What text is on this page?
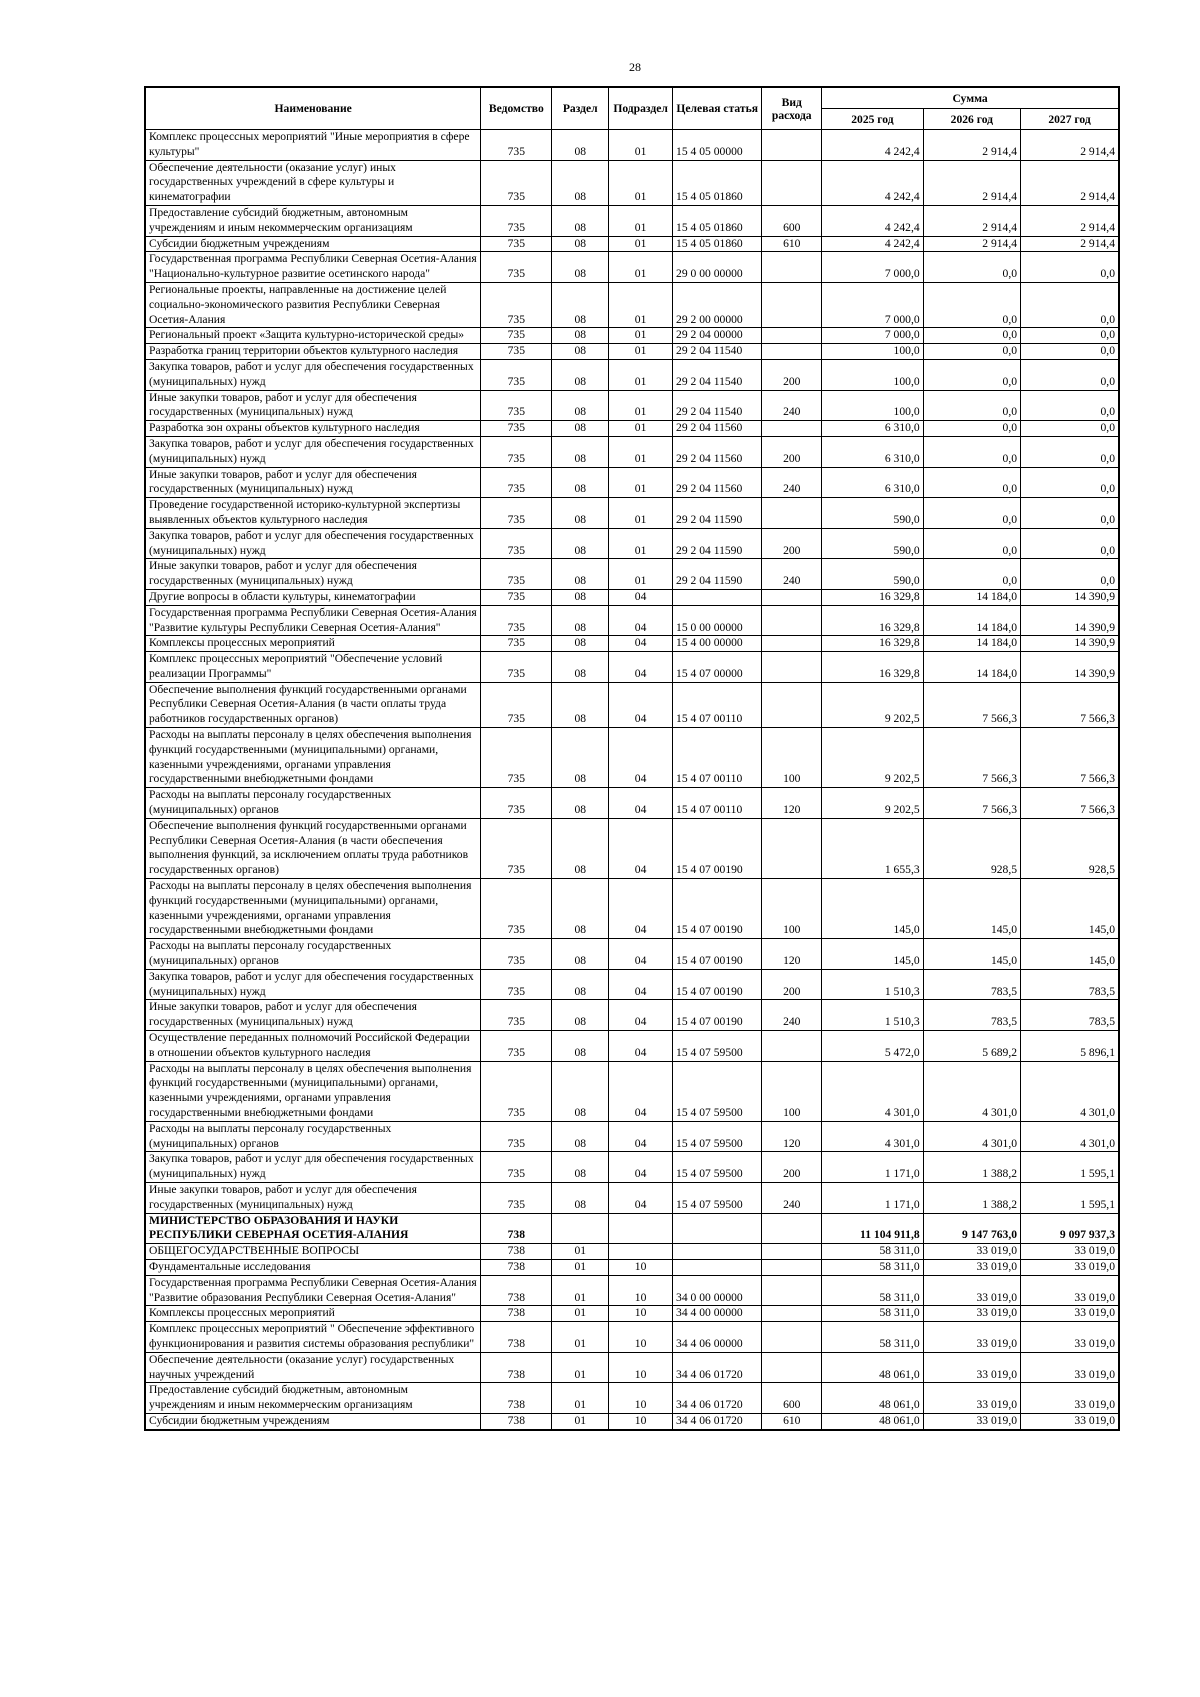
28
Наименование	Ведомство	Раздел	Подраздел	Целевая статья	Вид расхода	Сумма		
						2025 год	2026 год	2027 год
Комплекс процессных мероприятий "Иные мероприятия в сфере культуры"	735	08	01	15 4 05 00000		4 242,4	2 914,4	2 914,4
Обеспечение деятельности (оказание услуг) иных государственных учреждений в сфере культуры и кинематографии	735	08	01	15 4 05 01860		4 242,4	2 914,4	2 914,4
Предоставление субсидий бюджетным, автономным учреждениям и иным некоммерческим организациям	735	08	01	15 4 05 01860	600	4 242,4	2 914,4	2 914,4
Субсидии бюджетным учреждениям	735	08	01	15 4 05 01860	610	4 242,4	2 914,4	2 914,4
Государственная программа Республики Северная Осетия-Алания "Национально-культурное развитие осетинского народа"	735	08	01	29 0 00 00000		7 000,0	0,0	0,0
Региональные проекты, направленные на достижение целей социально-экономического развития Республики Северная Осетия-Алания	735	08	01	29 2 00 00000		7 000,0	0,0	0,0
Региональный проект «Защита культурно-исторической среды»	735	08	01	29 2 04 00000		7 000,0	0,0	0,0
Разработка границ территории объектов культурного наследия	735	08	01	29 2 04 11540		100,0	0,0	0,0
Закупка товаров, работ и услуг для обеспечения государственных (муниципальных) нужд	735	08	01	29 2 04 11540	200	100,0	0,0	0,0
Иные закупки товаров, работ и услуг для обеспечения государственных (муниципальных) нужд	735	08	01	29 2 04 11540	240	100,0	0,0	0,0
Разработка зон охраны объектов культурного наследия	735	08	01	29 2 04 11560		6 310,0	0,0	0,0
Закупка товаров, работ и услуг для обеспечения государственных (муниципальных) нужд	735	08	01	29 2 04 11560	200	6 310,0	0,0	0,0
Иные закупки товаров, работ и услуг для обеспечения государственных (муниципальных) нужд	735	08	01	29 2 04 11560	240	6 310,0	0,0	0,0
Проведение государственной историко-культурной экспертизы выявленных объектов культурного наследия	735	08	01	29 2 04 11590		590,0	0,0	0,0
Закупка товаров, работ и услуг для обеспечения государственных (муниципальных) нужд	735	08	01	29 2 04 11590	200	590,0	0,0	0,0
Иные закупки товаров, работ и услуг для обеспечения государственных (муниципальных) нужд	735	08	01	29 2 04 11590	240	590,0	0,0	0,0
Другие вопросы в области культуры, кинематографии	735	08	04			16 329,8	14 184,0	14 390,9
Государственная программа Республики Северная Осетия-Алания "Развитие культуры Республики Северная Осетия-Алания"	735	08	04	15 0 00 00000		16 329,8	14 184,0	14 390,9
Комплексы процессных мероприятий	735	08	04	15 4 00 00000		16 329,8	14 184,0	14 390,9
Комплекс процессных мероприятий "Обеспечение условий реализации Программы"	735	08	04	15 4 07 00000		16 329,8	14 184,0	14 390,9
Обеспечение выполнения функций государственными органами Республики Северная Осетия-Алания (в части оплаты труда работников государственных органов)	735	08	04	15 4 07 00110		9 202,5	7 566,3	7 566,3
Расходы на выплаты персоналу в целях обеспечения выполнения функций государственными (муниципальными) органами, казенными учреждениями, органами управления государственными внебюджетными фондами	735	08	04	15 4 07 00110	100	9 202,5	7 566,3	7 566,3
Расходы на выплаты персоналу государственных (муниципальных) органов	735	08	04	15 4 07 00110	120	9 202,5	7 566,3	7 566,3
Обеспечение выполнения функций государственными органами Республики Северная Осетия-Алания (в части обеспечения выполнения функций, за исключением оплаты труда работников государственных органов)	735	08	04	15 4 07 00190		1 655,3	928,5	928,5
Расходы на выплаты персоналу в целях обеспечения выполнения функций государственными (муниципальными) органами, казенными учреждениями, органами управления государственными внебюджетными фондами	735	08	04	15 4 07 00190	100	145,0	145,0	145,0
Расходы на выплаты персоналу государственных (муниципальных) органов	735	08	04	15 4 07 00190	120	145,0	145,0	145,0
Закупка товаров, работ и услуг для обеспечения государственных (муниципальных) нужд	735	08	04	15 4 07 00190	200	1 510,3	783,5	783,5
Иные закупки товаров, работ и услуг для обеспечения государственных (муниципальных) нужд	735	08	04	15 4 07 00190	240	1 510,3	783,5	783,5
Осуществление переданных полномочий Российской Федерации в отношении объектов культурного наследия	735	08	04	15 4 07 59500		5 472,0	5 689,2	5 896,1
Расходы на выплаты персоналу в целях обеспечения выполнения функций государственными (муниципальными) органами, казенными учреждениями, органами управления государственными внебюджетными фондами	735	08	04	15 4 07 59500	100	4 301,0	4 301,0	4 301,0
Расходы на выплаты персоналу государственных (муниципальных) органов	735	08	04	15 4 07 59500	120	4 301,0	4 301,0	4 301,0
Закупка товаров, работ и услуг для обеспечения государственных (муниципальных) нужд	735	08	04	15 4 07 59500	200	1 171,0	1 388,2	1 595,1
Иные закупки товаров, работ и услуг для обеспечения государственных (муниципальных) нужд	735	08	04	15 4 07 59500	240	1 171,0	1 388,2	1 595,1
МИНИСТЕРСТВО ОБРАЗОВАНИЯ И НАУКИ РЕСПУБЛИКИ СЕВЕРНАЯ ОСЕТИЯ-АЛАНИЯ	738					11 104 911,8	9 147 763,0	9 097 937,3
ОБЩЕГОСУДАРСТВЕННЫЕ ВОПРОСЫ	738	01				58 311,0	33 019,0	33 019,0
Фундаментальные исследования	738	01	10			58 311,0	33 019,0	33 019,0
Государственная программа Республики Северная Осетия-Алания "Развитие образования Республики Северная Осетия-Алания"	738	01	10	34 0 00 00000		58 311,0	33 019,0	33 019,0
Комплексы процессных мероприятий	738	01	10	34 4 00 00000		58 311,0	33 019,0	33 019,0
Комплекс процессных мероприятий " Обеспечение эффективного функционирования и развития системы образования республики"	738	01	10	34 4 06 00000		58 311,0	33 019,0	33 019,0
Обеспечение деятельности (оказание услуг) государственных научных учреждений	738	01	10	34 4 06 01720		48 061,0	33 019,0	33 019,0
Предоставление субсидий бюджетным, автономным учреждениям и иным некоммерческим организациям	738	01	10	34 4 06 01720	600	48 061,0	33 019,0	33 019,0
Субсидии бюджетным учреждениям	738	01	10	34 4 06 01720	610	48 061,0	33 019,0	33 019,0
